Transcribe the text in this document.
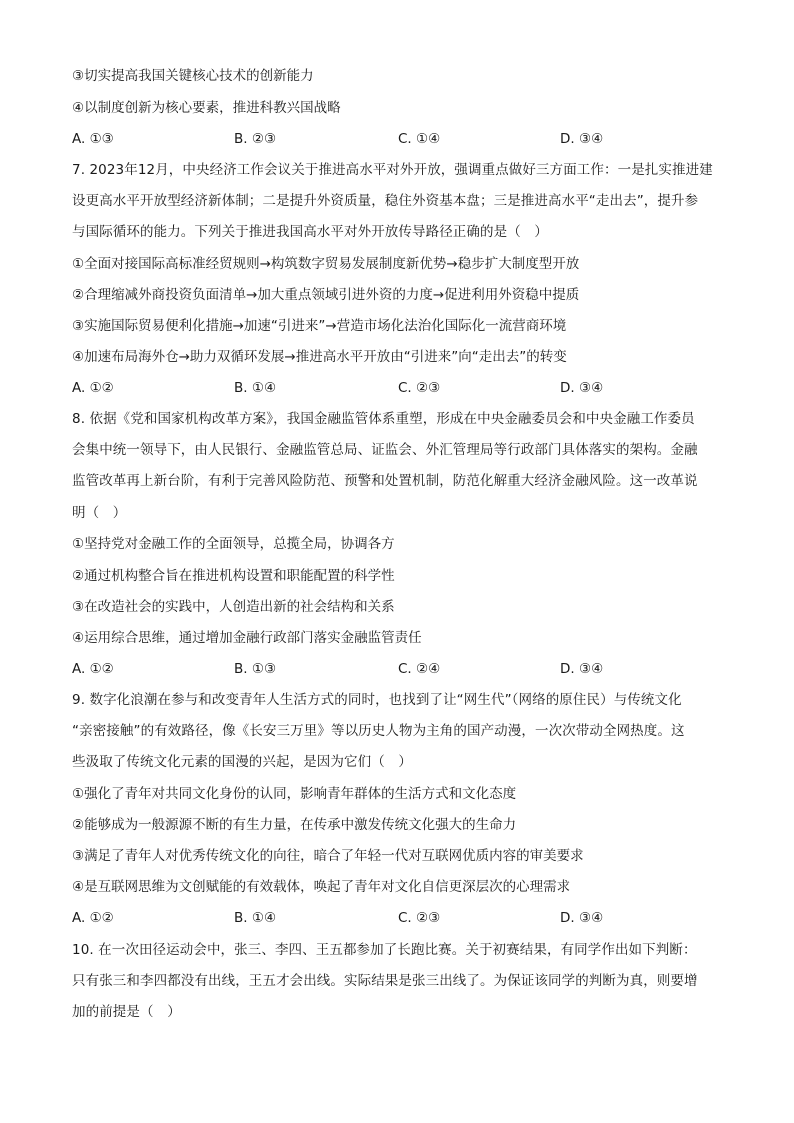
③切实提高我国关键核心技术的创新能力
④以制度创新为核心要素，推进科教兴国战略
A. ①③	B. ②③	C. ①④	D. ③④
7. 2023年12月，中央经济工作会议关于推进高水平对外开放，强调重点做好三方面工作：一是扎实推进建
设更高水平开放型经济新体制；二是提升外资质量，稳住外资基本盘；三是推进高水平“走出去”，提升参
与国际循环的能力。下列关于推进我国高水平对外开放传导路径正确的是（　）
①全面对接国际高标准经贸规则→构筑数字贸易发展制度新优势→稳步扩大制度型开放
②合理缩减外商投资负面清单→加大重点领域引进外资的力度→促进利用外资稳中提质
③实施国际贸易便利化措施→加速“引进来”→营造市场化法治化国际化一流营商环境
④加速布局海外仓→助力双循环发展→推进高水平开放由“引进来”向“走出去”的转变
A. ①②	B. ①④	C. ②③	D. ③④
8. 依据《党和国家机构改革方案》，我国金融监管体系重塑，形成在中央金融委员会和中央金融工作委员
会集中统一领导下，由人民银行、金融监管总局、证监会、外汇管理局等行政部门具体落实的架构。金融
监管改革再上新台阶，有利于完善风险防范、预警和处置机制，防范化解重大经济金融风险。这一改革说
明（　）
①坚持党对金融工作的全面领导，总揽全局，协调各方
②通过机构整合旨在推进机构设置和职能配置的科学性
③在改造社会的实践中，人创造出新的社会结构和关系
④运用综合思维，通过增加金融行政部门落实金融监管责任
A. ①②	B. ①③	C. ②④	D. ③④
9. 数字化浪潮在参与和改变青年人生活方式的同时，也找到了让“网生代”（网络的原住民）与传统文化
“亲密接触”的有效路径，像《长安三万里》等以历史人物为主角的国产动漫，一次次带动全网热度。这
些汲取了传统文化元素的国漫的兴起，是因为它们（　）
①强化了青年对共同文化身份的认同，影响青年群体的生活方式和文化态度
②能够成为一般源源不断的有生力量，在传承中激发传统文化强大的生命力
③满足了青年人对优秀传统文化的向往，暗合了年轻一代对互联网优质内容的审美要求
④是互联网思维为文创赋能的有效载体，唤起了青年对文化自信更深层次的心理需求
A. ①②	B. ①④	C. ②③	D. ③④
10. 在一次田径运动会中，张三、李四、王五都参加了长跑比赛。关于初赛结果，有同学作出如下判断：
只有张三和李四都没有出线，王五才会出线。实际结果是张三出线了。为保证该同学的判断为真，则要增
加的前提是（　）
